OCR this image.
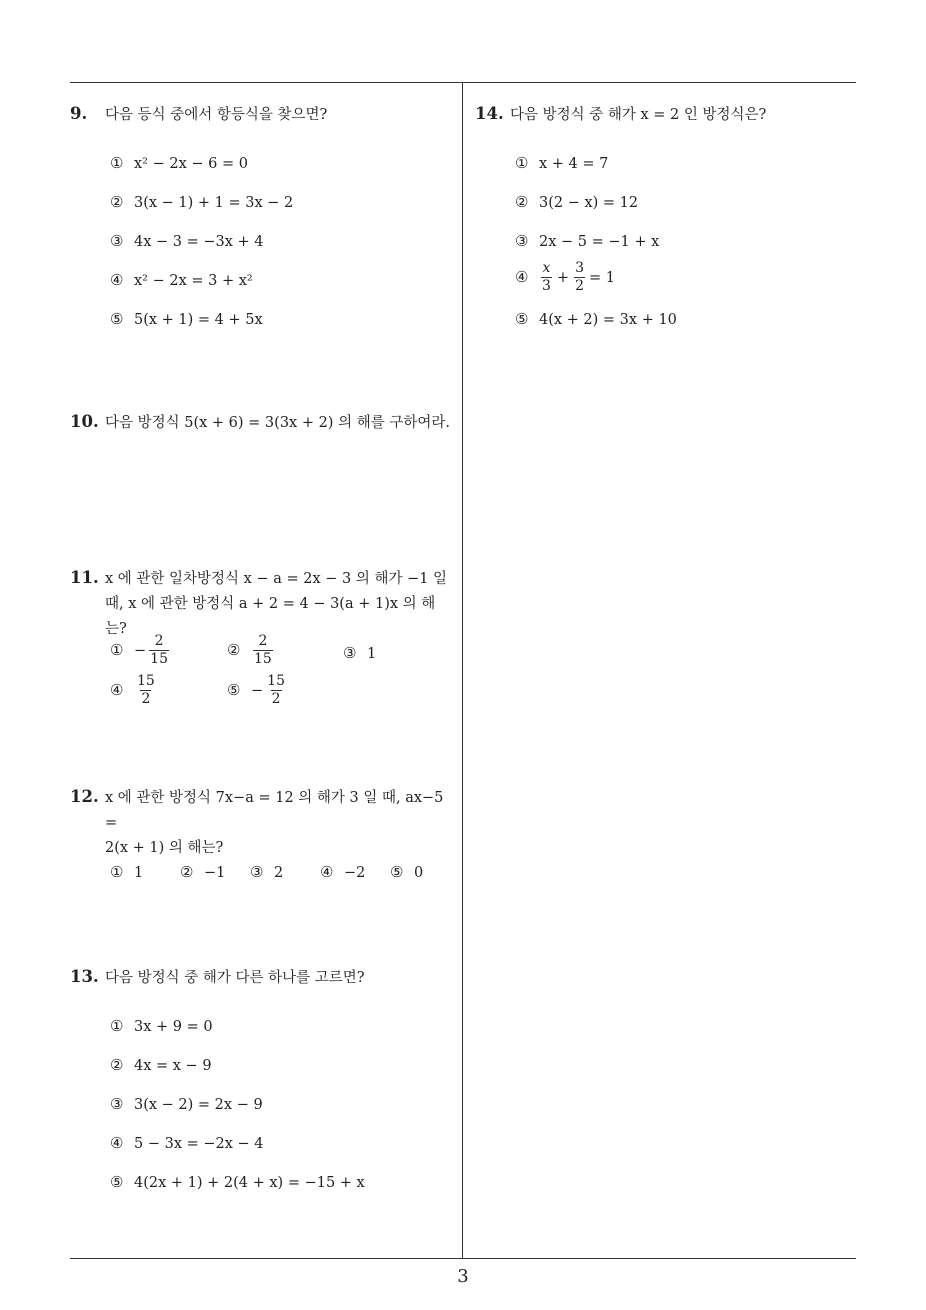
9.	다음 등식 중에서 항등식을 찾으면?
① x² − 2x − 6 = 0
② 3(x − 1) + 1 = 3x − 2
③ 4x − 3 = −3x + 4
④ x² − 2x = 3 + x²
⑤ 5(x + 1) = 4 + 5x
10. 다음 방정식 5(x + 6) = 3(3x + 2) 의 해를 구하여라.
11. x 에 관한 일차방정식 x − a = 2x − 3 의 해가 −1 일 때, x 에 관한 방정식 a + 2 = 4 − 3(a + 1)x 의 해는?
① − $\frac{2}{15}$	② $\frac{2}{15}$	③ 1
④ $\frac{15}{2}$	⑤ − $\frac{15}{2}$
12. x 에 관한 방정식 7x−a = 12 의 해가 3 일 때, ax−5 =
2(x + 1) 의 해는?
① 1 ② −1 ③ 2 ④ −2 ⑤ 0
13. 다음 방정식 중 해가 다른 하나를 고르면?
① 3x + 9 = 0
② 4x = x − 9
③ 3(x − 2) = 2x − 9
④ 5 − 3x = −2x − 4
⑤ 4(2x + 1) + 2(4 + x) = −15 + x
14. 다음 방정식 중 해가 x = 2 인 방정식은?
① x + 4 = 7
② 3(2 − x) = 12
③ 2x − 5 = −1 + x
④ $\frac{x}{3} + \frac{3}{2} = 1$
⑤ 4(x + 2) = 3x + 10
3
